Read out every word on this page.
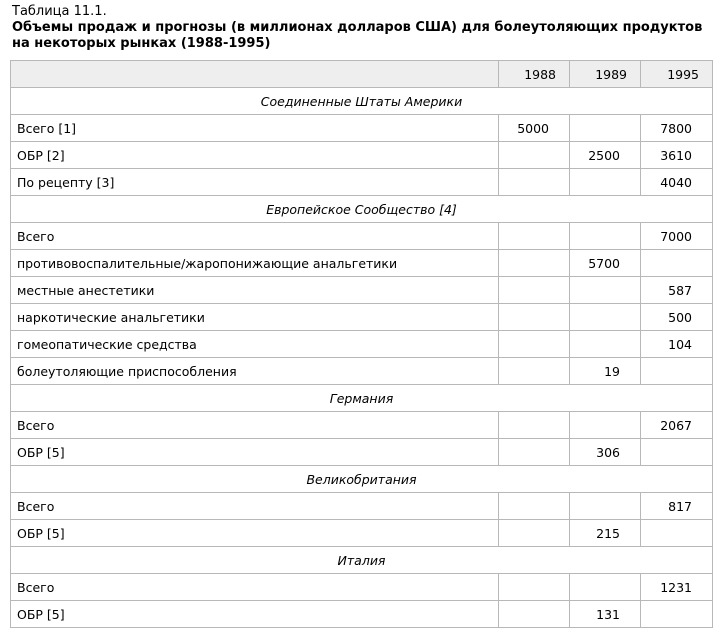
Таблица 11.1.
Объемы продаж и прогнозы (в миллионах долларов США) для болеутоляющих продуктов
на некоторых рынках (1988-1995)
	1988	1989	1995
Соединенные Штаты Америки			
Всего [1]	5000		7800
ОБР [2]		2500	3610
По рецепту [3]			4040
Европейское Сообщество [4]			
Всего			7000
противовоспалительные/жаропонижающие анальгетики		5700	
местные анестетики			587
наркотические анальгетики			500
гомеопатические средства			104
болеутоляющие приспособления		19	
Германия			
Всего			2067
ОБР [5]		306	
Великобритания			
Всего			817
ОБР [5]		215	
Италия			
Всего			1231
ОБР [5]		131	
